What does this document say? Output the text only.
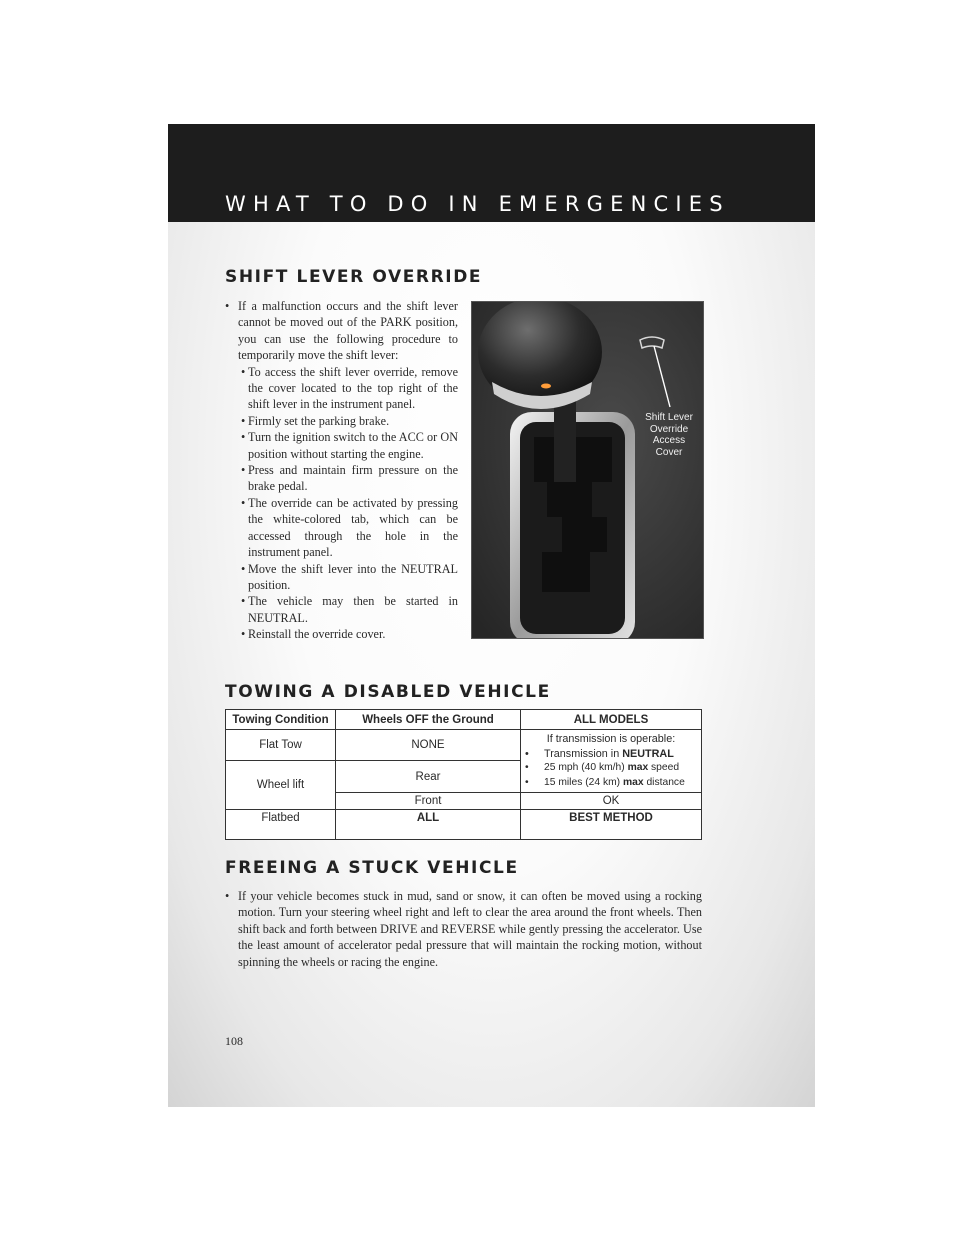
WHAT TO DO IN EMERGENCIES
SHIFT LEVER OVERRIDE
• If a malfunction occurs and the shift lever cannot be moved out of the PARK position, you can use the following procedure to temporarily move the shift lever:
• To access the shift lever override, remove the cover located to the top right of the shift lever in the instrument panel.
• Firmly set the parking brake.
• Turn the ignition switch to the ACC or ON position without starting the engine.
• Press and maintain firm pressure on the brake pedal.
• The override can be activated by pressing the white-colored tab, which can be accessed through the hole in the instrument panel.
• Move the shift lever into the NEUTRAL position.
• The vehicle may then be started in NEUTRAL.
• Reinstall the override cover.
Shift Lever
Override
Access
Cover
TOWING A DISABLED VEHICLE
Towing Condition	Wheels OFF the Ground	ALL MODELS
Flat Tow	NONE	If transmission is operable:
• Transmission in NEUTRAL
• 25 mph (40 km/h) max speed
• 15 miles (24 km) max distance

Wheel lift	Rear	
	Front	OK
Flatbed	ALL	BEST METHOD
FREEING A STUCK VEHICLE
• If your vehicle becomes stuck in mud, sand or snow, it can often be moved using a rocking motion. Turn your steering wheel right and left to clear the area around the front wheels. Then shift back and forth between DRIVE and REVERSE while gently pressing the accelerator. Use the least amount of accelerator pedal pressure that will maintain the rocking motion, without spinning the wheels or racing the engine.
108
